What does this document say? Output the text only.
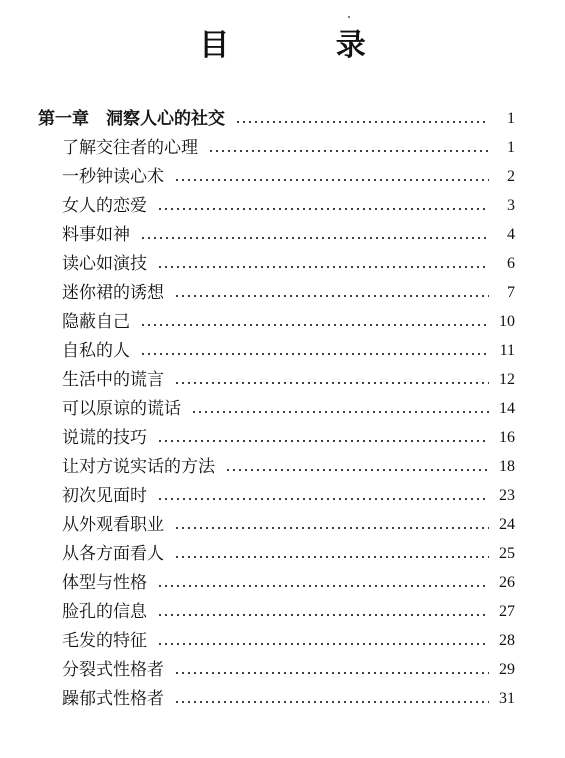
目 录
第一章　洞察人心的社交	1
了解交往者的心理	1
一秒钟读心术	2
女人的恋爱	3
料事如神	4
读心如演技	6
迷你裙的诱想	7
隐蔽自己	10
自私的人	11
生活中的谎言	12
可以原谅的谎话	14
说谎的技巧	16
让对方说实话的方法	18
初次见面时	23
从外观看职业	24
从各方面看人	25
体型与性格	26
脸孔的信息	27
毛发的特征	28
分裂式性格者	29
躁郁式性格者	31
